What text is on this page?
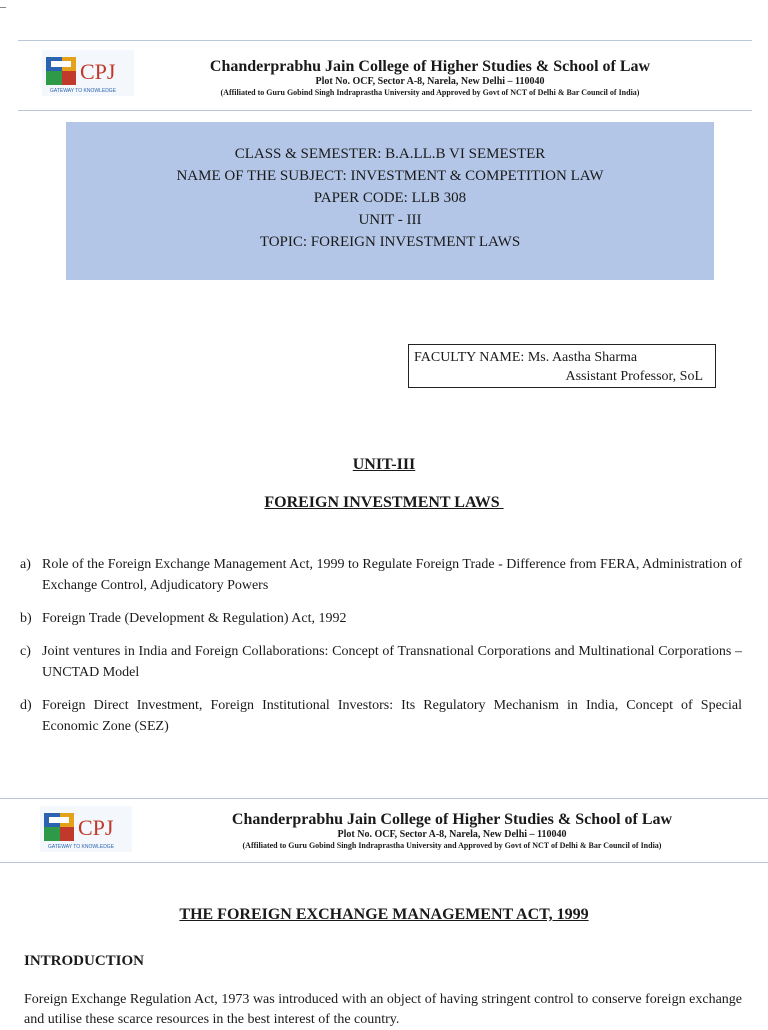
–
CPJ
GATEWAY TO KNOWLEDGE
Chanderprabhu Jain College of Higher Studies & School of Law
Plot No. OCF, Sector A-8, Narela, New Delhi – 110040
(Affiliated to Guru Gobind Singh Indraprastha University and Approved by Govt of NCT of Delhi & Bar Council of India)
CLASS & SEMESTER: B.A.LL.B VI SEMESTER
NAME OF THE SUBJECT: INVESTMENT & COMPETITION LAW
PAPER CODE: LLB 308
UNIT - III
TOPIC: FOREIGN INVESTMENT LAWS
FACULTY NAME: Ms. Aastha Sharma
Assistant Professor, SoL
UNIT-III
FOREIGN INVESTMENT LAWS
a) Role of the Foreign Exchange Management Act, 1999 to Regulate Foreign Trade - Difference from FERA, Administration of Exchange Control, Adjudicatory Powers
b) Foreign Trade (Development & Regulation) Act, 1992
c) Joint ventures in India and Foreign Collaborations: Concept of Transnational Corporations and Multinational Corporations – UNCTAD Model
d) Foreign Direct Investment, Foreign Institutional Investors: Its Regulatory Mechanism in India, Concept of Special Economic Zone (SEZ)
CPJ
GATEWAY TO KNOWLEDGE
Chanderprabhu Jain College of Higher Studies & School of Law
Plot No. OCF, Sector A-8, Narela, New Delhi – 110040
(Affiliated to Guru Gobind Singh Indraprastha University and Approved by Govt of NCT of Delhi & Bar Council of India)
THE FOREIGN EXCHANGE MANAGEMENT ACT, 1999
INTRODUCTION
Foreign Exchange Regulation Act, 1973 was introduced with an object of having stringent control to conserve foreign exchange and utilise these scarce resources in the best interest of the country.
